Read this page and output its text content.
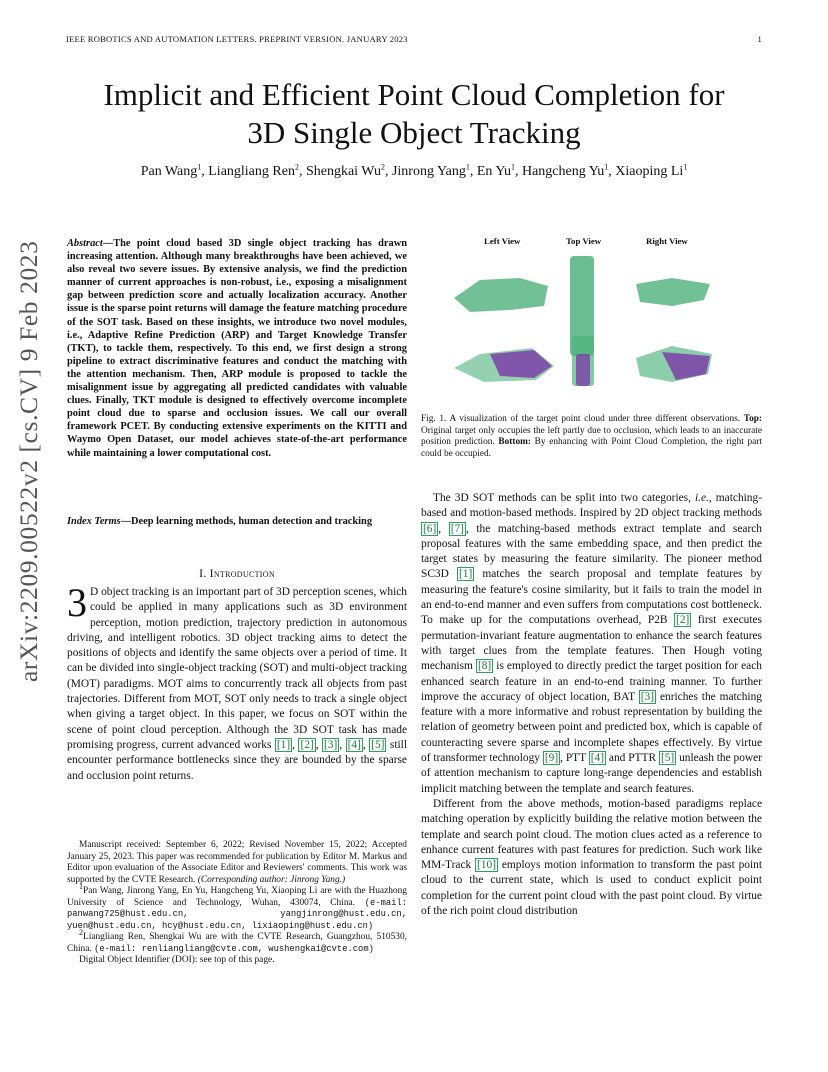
IEEE ROBOTICS AND AUTOMATION LETTERS. PREPRINT VERSION. JANUARY 2023	1
Implicit and Efficient Point Cloud Completion for
3D Single Object Tracking
Pan Wang$^1$, Liangliang Ren$^2$, Shengkai Wu$^2$, Jinrong Yang$^1$, En Yu$^1$, Hangcheng Yu$^1$, Xiaoping Li$^1$
arXiv:2209.00522v2 [cs.CV] 9 Feb 2023 Abstract—The point cloud based 3D single object tracking has drawn increasing attention. Although many breakthroughs have been achieved, we also reveal two severe issues. By extensive analysis, we find the prediction manner of current approaches is non-robust, i.e., exposing a misalignment gap between prediction score and actually localization accuracy. Another issue is the sparse point returns will damage the feature matching procedure of the SOT task. Based on these insights, we introduce two novel modules, i.e., Adaptive Refine Prediction (ARP) and Target Knowledge Transfer (TKT), to tackle them, respectively. To this end, we first design a strong pipeline to extract discriminative features and conduct the matching with the attention mechanism. Then, ARP module is proposed to tackle the misalignment issue by aggregating all predicted candidates with valuable clues. Finally, TKT module is designed to effectively overcome incomplete point cloud due to sparse and occlusion issues. We call our overall framework PCET. By conducting extensive experiments on the KITTI and Waymo Open Dataset, our model achieves state-of-the-art performance while maintaining a lower computational cost.
Index Terms—Deep learning methods, human detection and tracking
I. Introduction
3 D object tracking is an important part of 3D perception scenes, which could be applied in many applications such as 3D environment perception, motion prediction, trajectory prediction in autonomous driving, and intelligent robotics. 3D object tracking aims to detect the positions of objects and identify the same objects over a period of time. It can be divided into single-object tracking (SOT) and multi-object tracking (MOT) paradigms. MOT aims to concurrently track all objects from past trajectories. Different from MOT, SOT only needs to track a single object when giving a target object. In this paper, we focus on SOT within the scene of point cloud perception. Although the 3D SOT task has made promising progress, current advanced works [1] , [2] , [3] , [4] , [5] still encounter performance bottlenecks since they are bounded by the sparse and occlusion point returns.

Manuscript received: September 6, 2022; Revised November 15, 2022; Accepted January 25, 2023. This paper was recommended for publication by Editor M. Markus and Editor upon evaluation of the Associate Editor and Reviewers' comments. This work was supported by the CVTE Research. (Corresponding author: Jinrong Yang.)

$^1$Pan Wang, Jinrong Yang, En Yu, Hangcheng Yu, Xiaoping Li are with the Huazhong University of Science and Technology, Wuhan, 430074, China. (e-mail: panwang725@hust.edu.cn, yangjinrong@hust.edu.cn, yuen@hust.edu.cn, hcy@hust.edu.cn, lixiaoping@hust.edu.cn)

$^2$Liangliang Ren, Shengkai Wu are with the CVTE Research, Guangzhou, 510530, China. (e-mail: renliangliang@cvte.com, wushengkai@cvte.com)

Digital Object Identifier (DOI): see top of this page.

Left View	Top View	Right View
Fig. 1. A visualization of the target point cloud under three different observations. Top: Original target only occupies the left partly due to occlusion, which leads to an inaccurate position prediction. Bottom: By enhancing with Point Cloud Completion, the right part could be occupied.

The 3D SOT methods can be split into two categories, i.e., matching-based and motion-based methods. Inspired by 2D object tracking methods [6] , [7] , the matching-based methods extract template and search proposal features with the same embedding space, and then predict the target states by measuring the feature similarity. The pioneer method SC3D [1] matches the search proposal and template features by measuring the feature's cosine similarity, but it fails to train the model in an end-to-end manner and even suffers from computations cost bottleneck. To make up for the computations overhead, P2B [2] first executes permutation-invariant feature augmentation to enhance the search features with target clues from the template features. Then Hough voting mechanism [8] is employed to directly predict the target position for each enhanced search feature in an end-to-end training manner. To further improve the accuracy of object location, BAT [3] enriches the matching feature with a more informative and robust representation by building the relation of geometry between point and predicted box, which is capable of counteracting severe sparse and incomplete shapes effectively. By virtue of transformer technology [9] , PTT [4] and PTTR [5] unleash the power of attention mechanism to capture long-range dependencies and establish implicit matching between the template and search features.

Different from the above methods, motion-based paradigms replace matching operation by explicitly building the relative motion between the template and search point cloud. The motion clues acted as a reference to enhance current features with past features for prediction. Such work like MM-Track [10] employs motion information to transform the past point cloud to the current state, which is used to conduct explicit point completion for the current point cloud with the past point cloud. By virtue of the rich point cloud distribution
